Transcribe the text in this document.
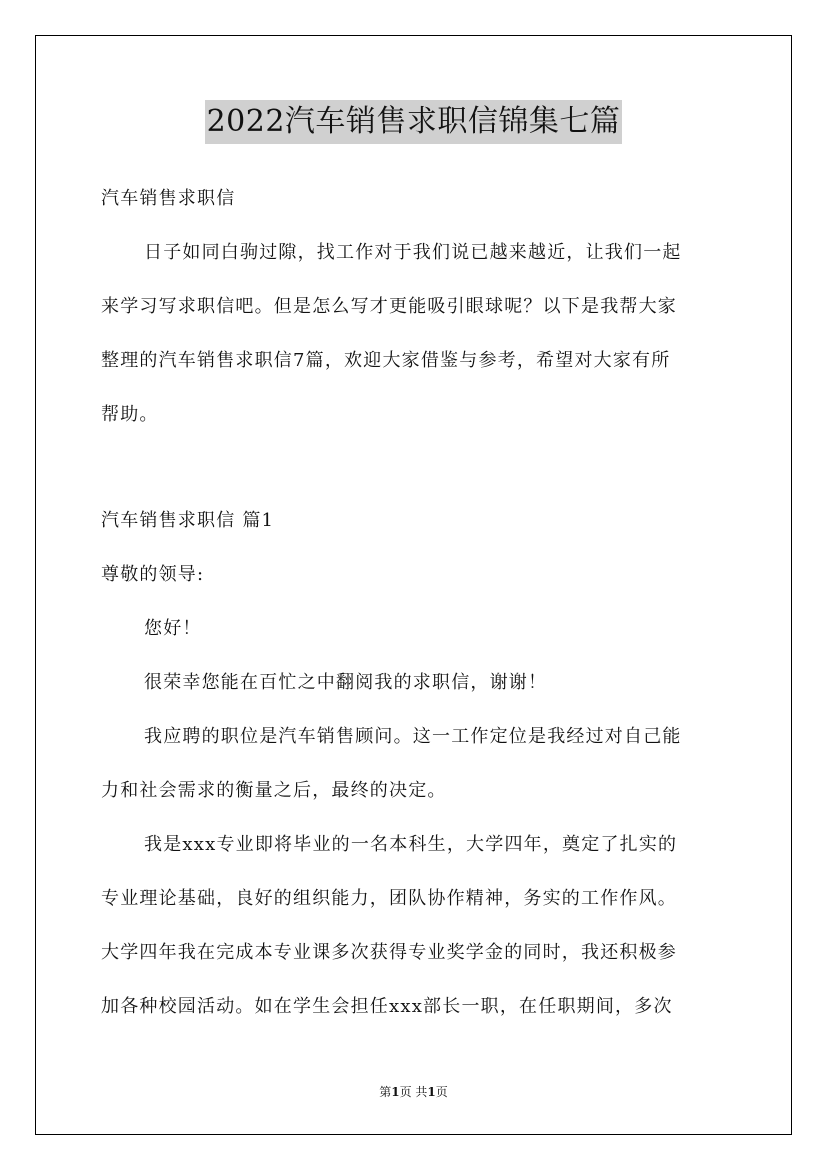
2022汽车销售求职信锦集七篇

汽车销售求职信

日子如同白驹过隙，找工作对于我们说已越来越近，让我们一起

来学习写求职信吧。但是怎么写才更能吸引眼球呢？以下是我帮大家

整理的汽车销售求职信7篇，欢迎大家借鉴与参考，希望对大家有所

帮助。

汽车销售求职信 篇1

尊敬的领导:

您好！

很荣幸您能在百忙之中翻阅我的求职信，谢谢！

我应聘的职位是汽车销售顾问。这一工作定位是我经过对自己能

力和社会需求的衡量之后，最终的决定。

我是xxx专业即将毕业的一名本科生，大学四年，奠定了扎实的

专业理论基础，良好的组织能力，团队协作精神，务实的工作作风。

大学四年我在完成本专业课多次获得专业奖学金的同时，我还积极参

加各种校园活动。如在学生会担任xxx部长一职，在任职期间，多次

第1页 共1页
